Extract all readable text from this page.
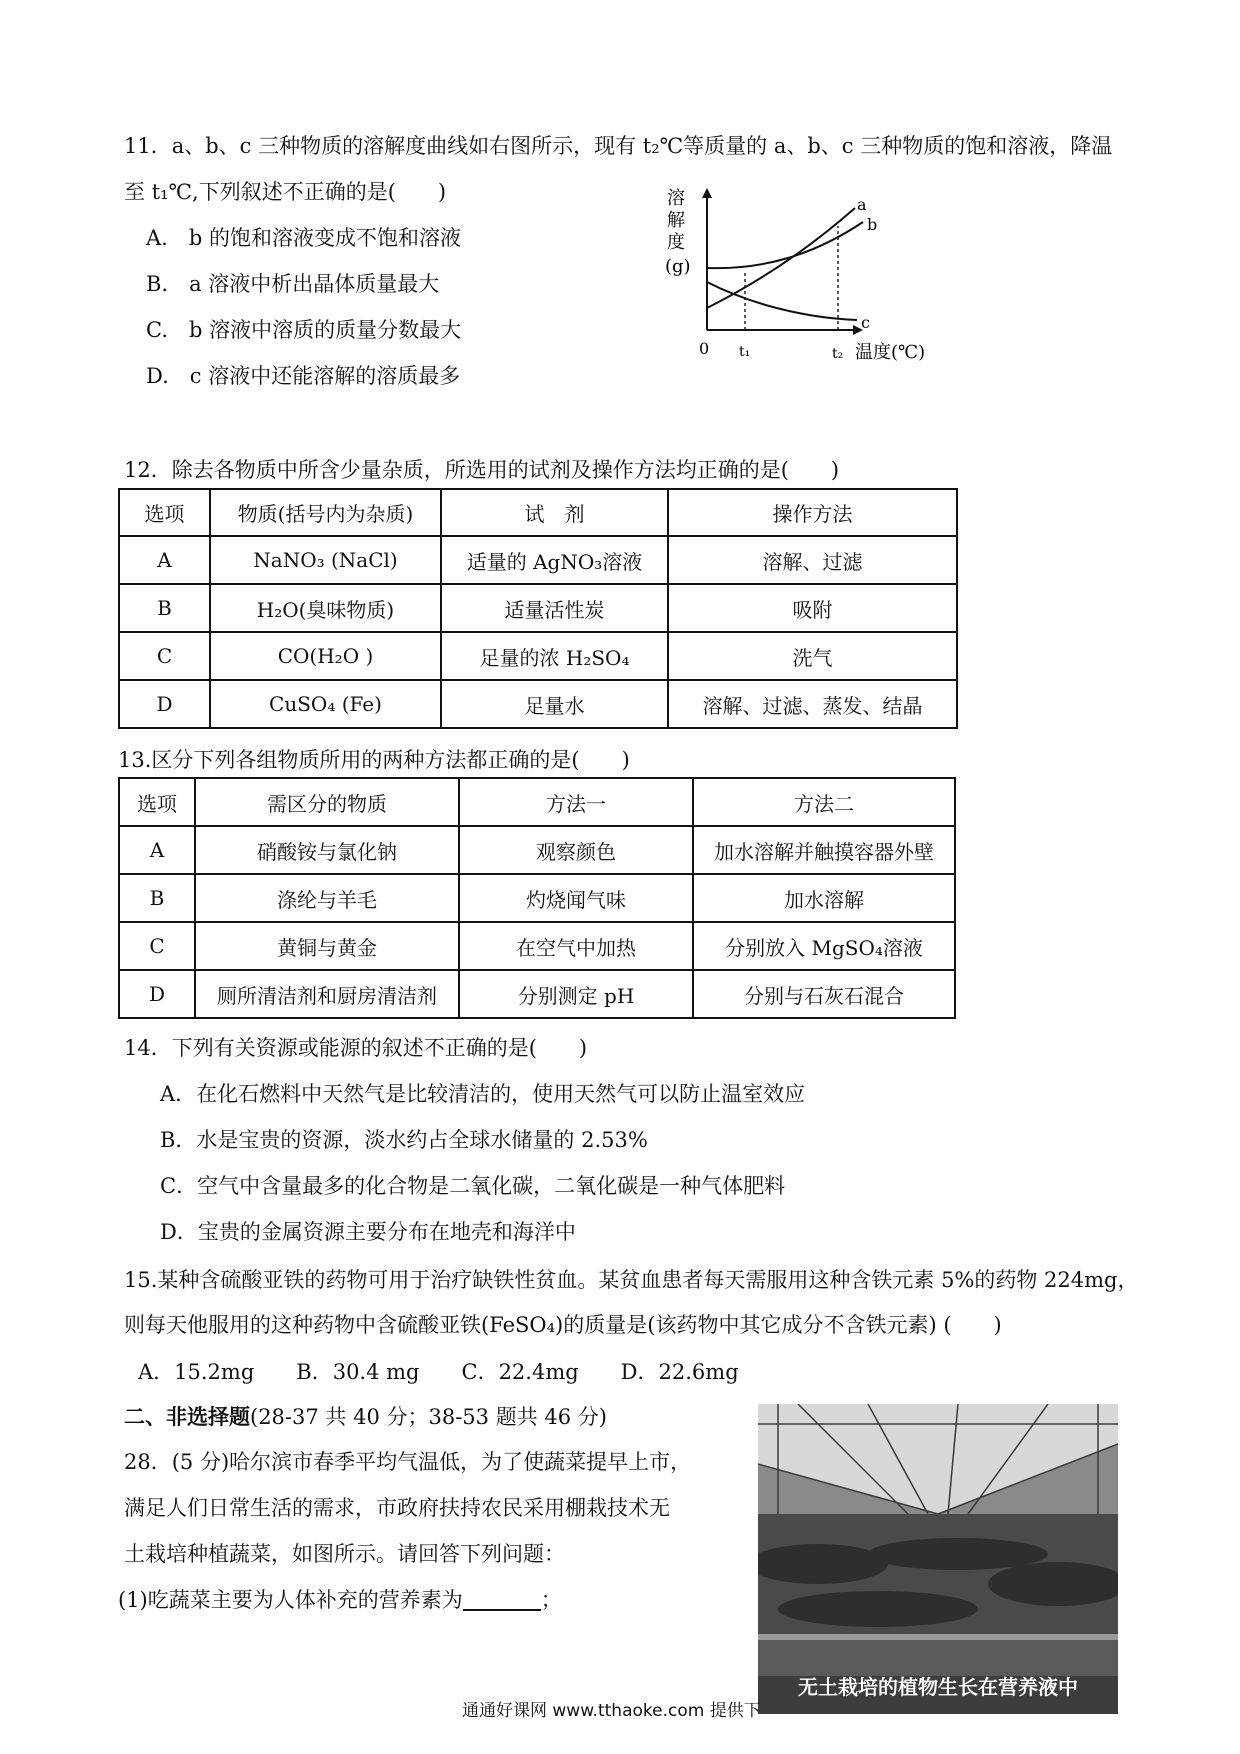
11．a、b、c 三种物质的溶解度曲线如右图所示，现有 t₂℃等质量的 a、b、c 三种物质的饱和溶液，降温
至 t₁℃,下列叙述不正确的是(　　)
A.　b 的饱和溶液变成不饱和溶液
B.　a 溶液中析出晶体质量最大
C.　b 溶液中溶质的质量分数最大
D.　c 溶液中还能溶解的溶质最多
溶 解 度 (g)
a
b
c
0 t₁	t₂ 温度(℃)
12．除去各物质中所含少量杂质，所选用的试剂及操作方法均正确的是(　　)
选项	物质(括号内为杂质)	试　剂	操作方法
A	NaNO₃ (NaCl)	适量的 AgNO₃溶液	溶解、过滤
B	H₂O(臭味物质)	适量活性炭	吸附
C	CO(H₂O )	足量的浓 H₂SO₄	洗气
D	CuSO₄ (Fe)	足量水	溶解、过滤、蒸发、结晶
13.区分下列各组物质所用的两种方法都正确的是(　　)
选项	需区分的物质	方法一	方法二
A	硝酸铵与氯化钠	观察颜色	加水溶解并触摸容器外壁
B	涤纶与羊毛	灼烧闻气味	加水溶解
C	黄铜与黄金	在空气中加热	分别放入 MgSO₄溶液
D	厕所清洁剂和厨房清洁剂	分别测定 pH	分别与石灰石混合
14．下列有关资源或能源的叙述不正确的是(　　)
A．在化石燃料中天然气是比较清洁的，使用天然气可以防止温室效应
B．水是宝贵的资源，淡水约占全球水储量的 2.53%
C．空气中含量最多的化合物是二氧化碳，二氧化碳是一种气体肥料
D．宝贵的金属资源主要分布在地壳和海洋中
15.某种含硫酸亚铁的药物可用于治疗缺铁性贫血。某贫血患者每天需服用这种含铁元素 5%的药物 224mg，
则每天他服用的这种药物中含硫酸亚铁(FeSO₄)的质量是(该药物中其它成分不含铁元素) (　　)
A．15.2mg　　B．30.4 mg　　C．22.4mg　　D．22.6mg
二、非选择题(28-37 共 40 分；38-53 题共 46 分)
28．(5 分)哈尔滨市春季平均气温低，为了使蔬菜提早上市，
满足人们日常生活的需求，市政府扶持农民采用棚栽技术无
土栽培种植蔬菜，如图所示。请回答下列问题：
(1)吃蔬菜主要为人体补充的营养素为	；
无土栽培的植物生长在营养液中
通通好课网 www.tthaoke.com 提供下
